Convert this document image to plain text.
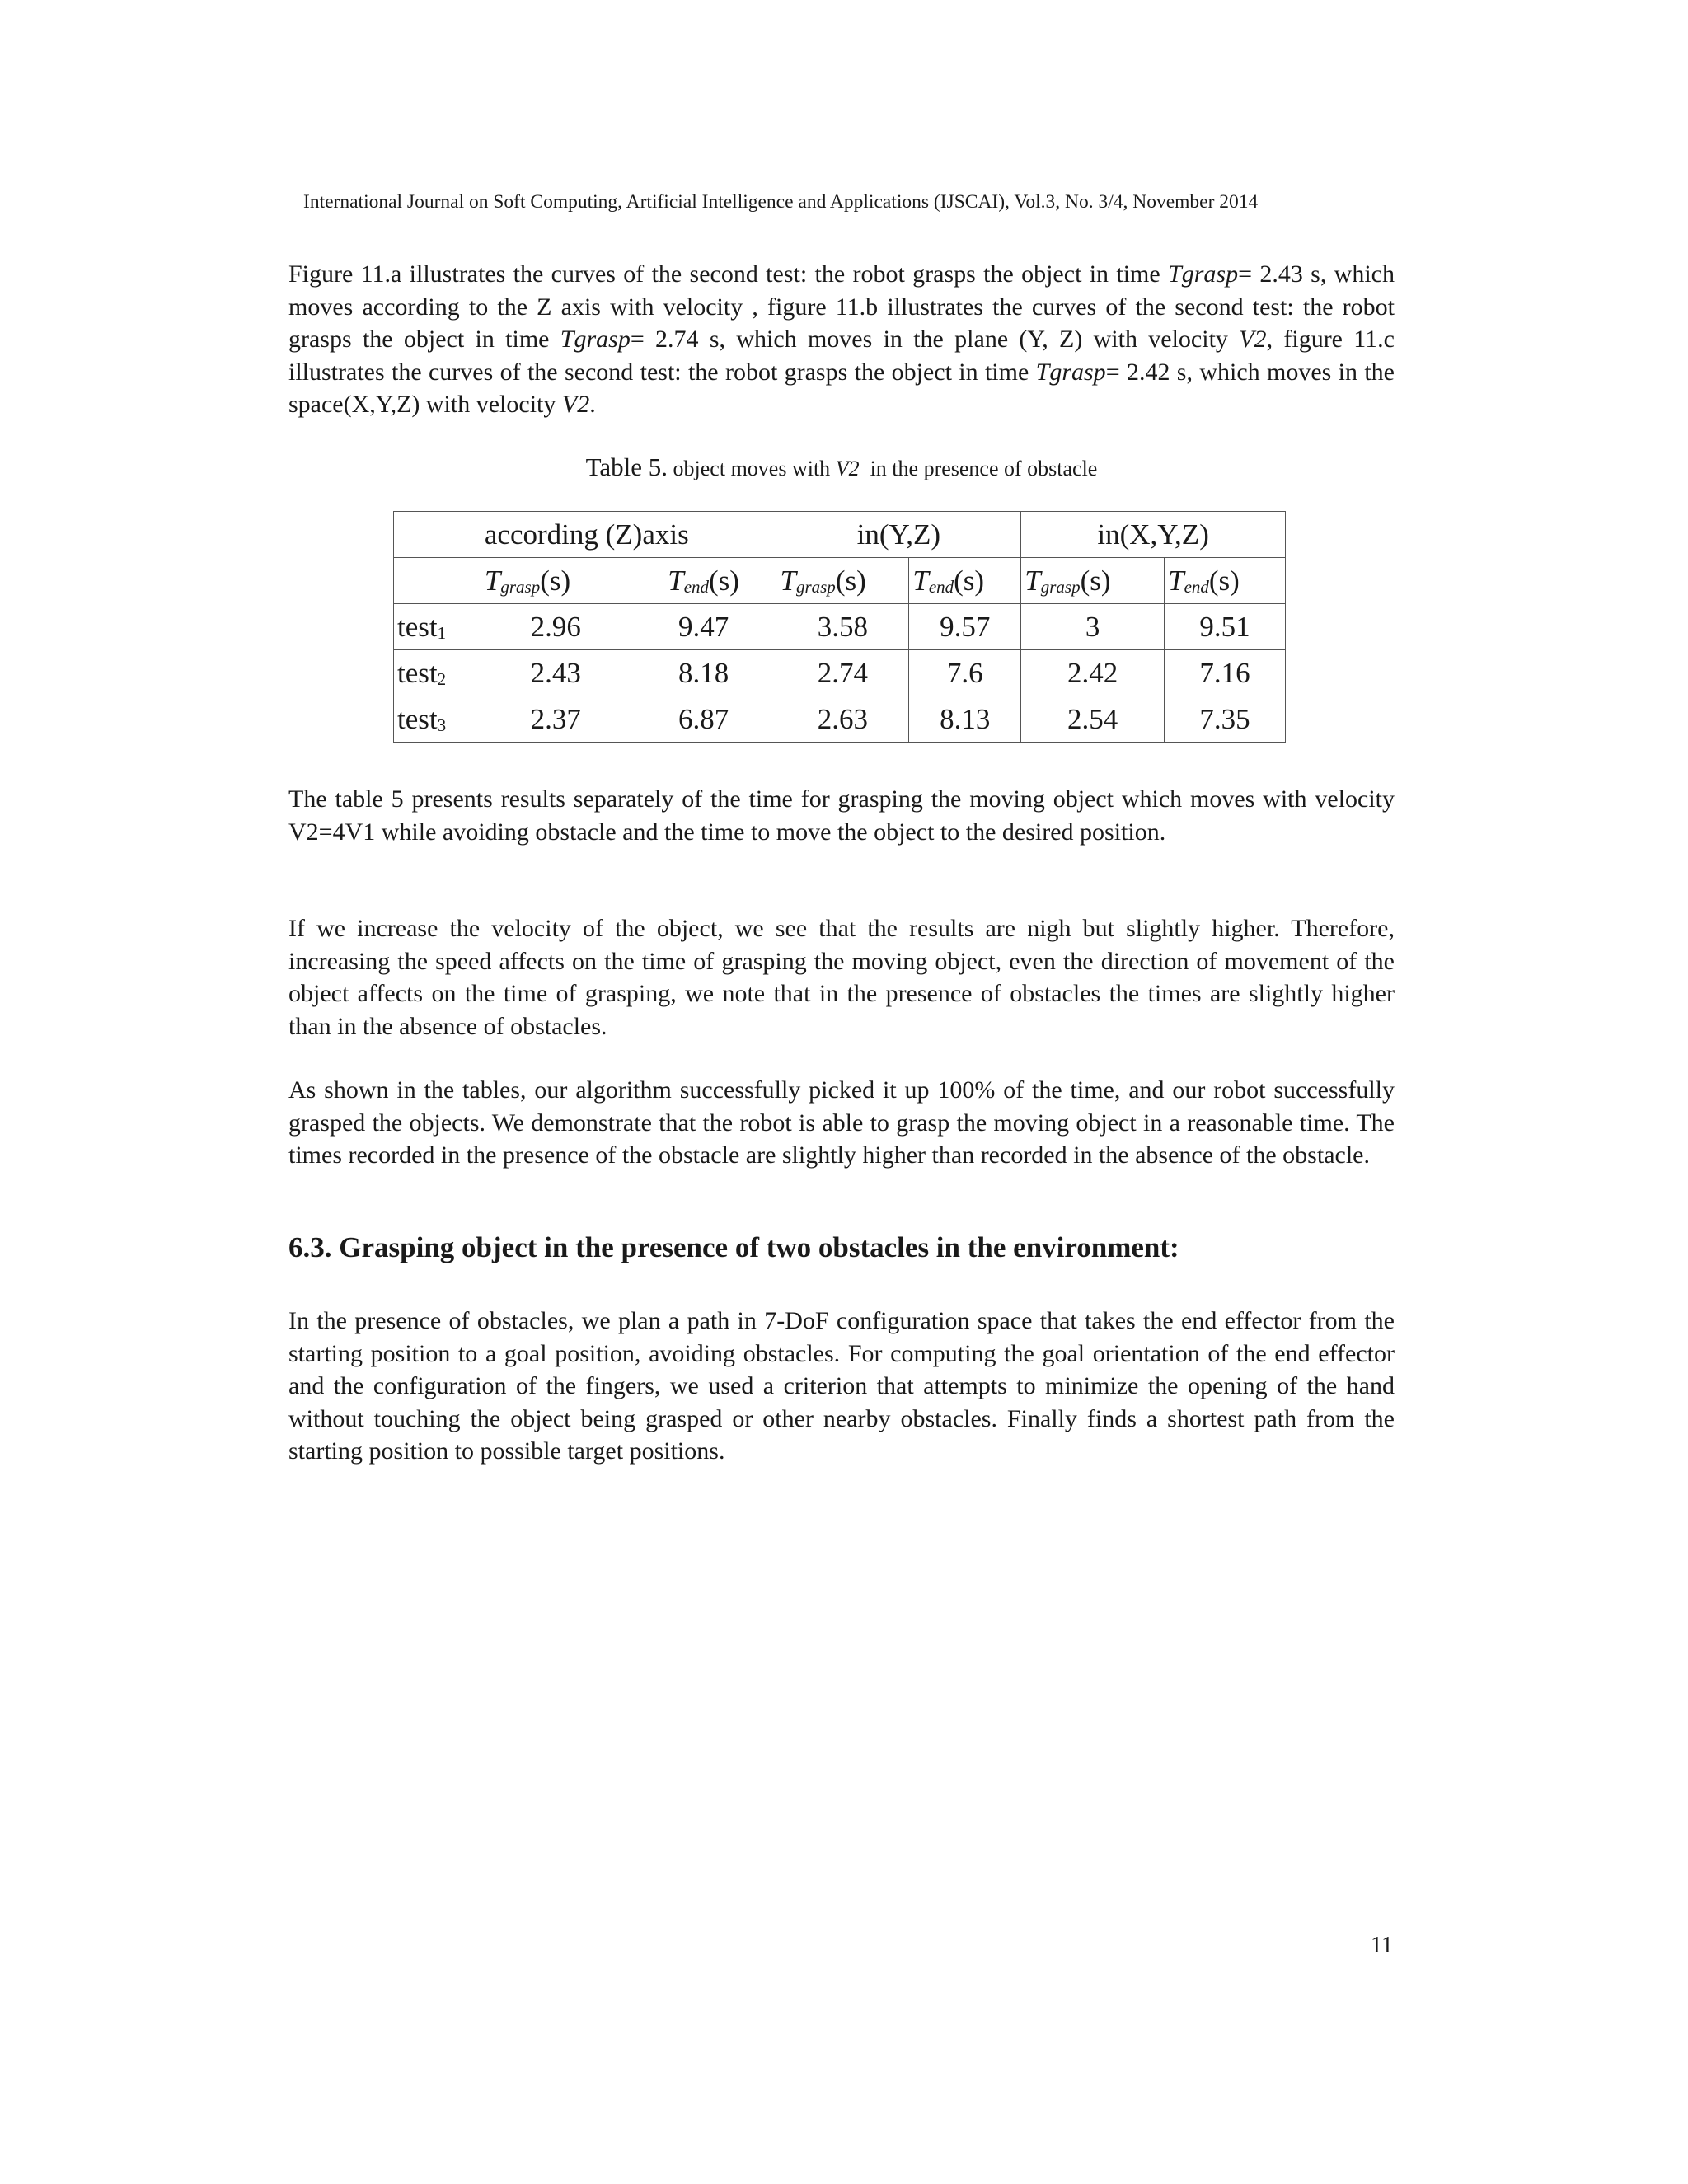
International Journal on Soft Computing, Artificial Intelligence and Applications (IJSCAI), Vol.3, No. 3/4, November 2014

Figure 11.a illustrates the curves of the second test: the robot grasps the object in time Tgrasp= 2.43 s, which moves according to the Z axis with velocity , figure 11.b illustrates the curves of the second test: the robot grasps the object in time Tgrasp= 2.74 s, which moves in the plane (Y, Z) with velocity V2, figure 11.c illustrates the curves of the second test: the robot grasps the object in time Tgrasp= 2.42 s, which moves in the space(X,Y,Z) with velocity V2.

Table 5. object moves with V2  in the presence of obstacle
	according (Z)axis		in(Y,Z)		in(X,Y,Z)	
	$T_{grasp}(s)$	$T_{end}(s)$	$T_{grasp}(s)$	$T_{end}(s)$	$T_{grasp}(s)$	$T_{end}(s)$
test$_1$	2.96	9.47	3.58	9.57	3	9.51
test$_2$	2.43	8.18	2.74	7.6	2.42	7.16
test$_3$	2.37	6.87	2.63	8.13	2.54	7.35

The table 5 presents results separately of the time for grasping the moving object which moves with velocity V2=4V1 while avoiding obstacle and the time to move the object to the desired position.

If we increase the velocity of the object, we see that the results are nigh but slightly higher. Therefore, increasing the speed affects on the time of grasping the moving object, even the direction of movement of the object affects on the time of grasping, we note that in the presence of obstacles the times are slightly higher than in the absence of obstacles.

As shown in the tables, our algorithm successfully picked it up 100% of the time, and our robot successfully grasped the objects. We demonstrate that the robot is able to grasp the moving object in a reasonable time. The times recorded in the presence of the obstacle are slightly higher than recorded in the absence of the obstacle.

6.3. Grasping object in the presence of two obstacles in the environment:

In the presence of obstacles, we plan a path in 7-DoF configuration space that takes the end effector from the starting position to a goal position, avoiding obstacles. For computing the goal orientation of the end effector and the configuration of the fingers, we used a criterion that attempts to minimize the opening of the hand without touching the object being grasped or other nearby obstacles. Finally finds a shortest path from the starting position to possible target positions.

11
